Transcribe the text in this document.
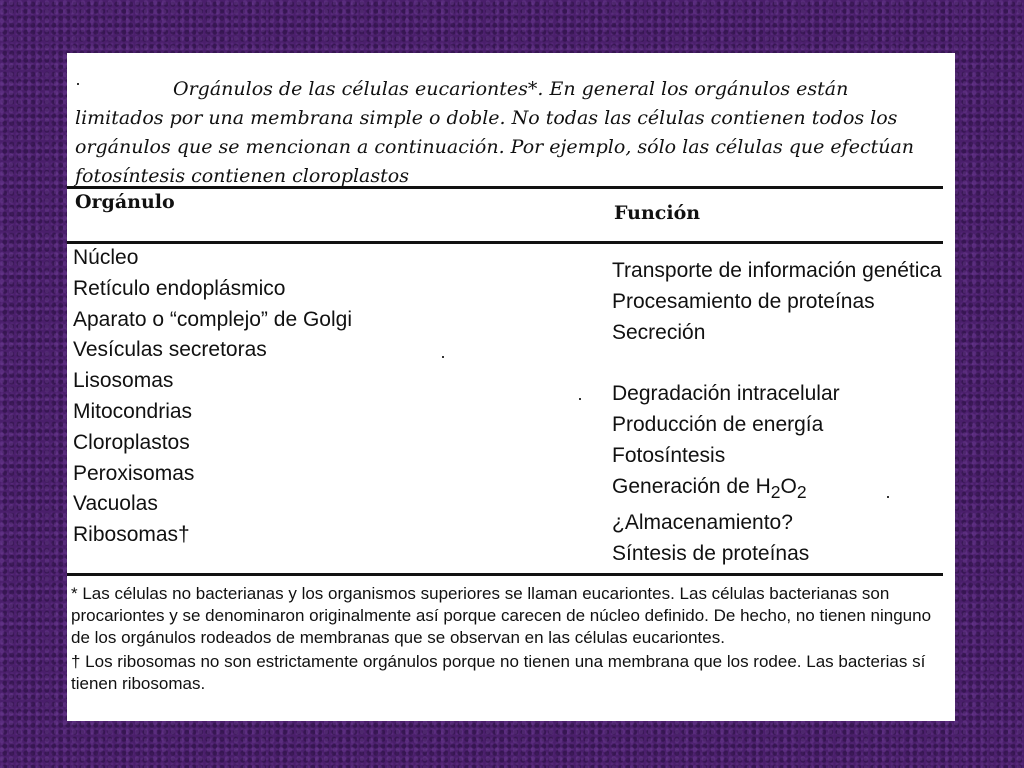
Orgánulos de las células eucariontes*. En general los orgánulos están limitados por una membrana simple o doble. No todas las células contienen todos los orgánulos que se mencionan a continuación. Por ejemplo, sólo las células que efectúan fotosíntesis contienen cloroplastos
Orgánulo	Función
Núcleo
Retículo endoplásmico
Aparato o “complejo” de Golgi
Vesículas secretoras
Lisosomas
Mitocondrias
Cloroplastos
Peroxisomas
Vacuolas
Ribosomas†
Transporte de información genética
Procesamiento de proteínas
Secreción
Degradación intracelular
Producción de energía
Fotosíntesis
Generación de $H_2O_2$
¿Almacenamiento?
Síntesis de proteínas

* Las células no bacterianas y los organismos superiores se llaman eucariontes. Las células bacterianas son procariontes y se denominaron originalmente así porque carecen de núcleo definido. De hecho, no tienen ninguno de los orgánulos rodeados de membranas que se observan en las células eucariontes.

† Los ribosomas no son estrictamente orgánulos porque no tienen una membrana que los rodee. Las bacterias sí tienen ribosomas.
